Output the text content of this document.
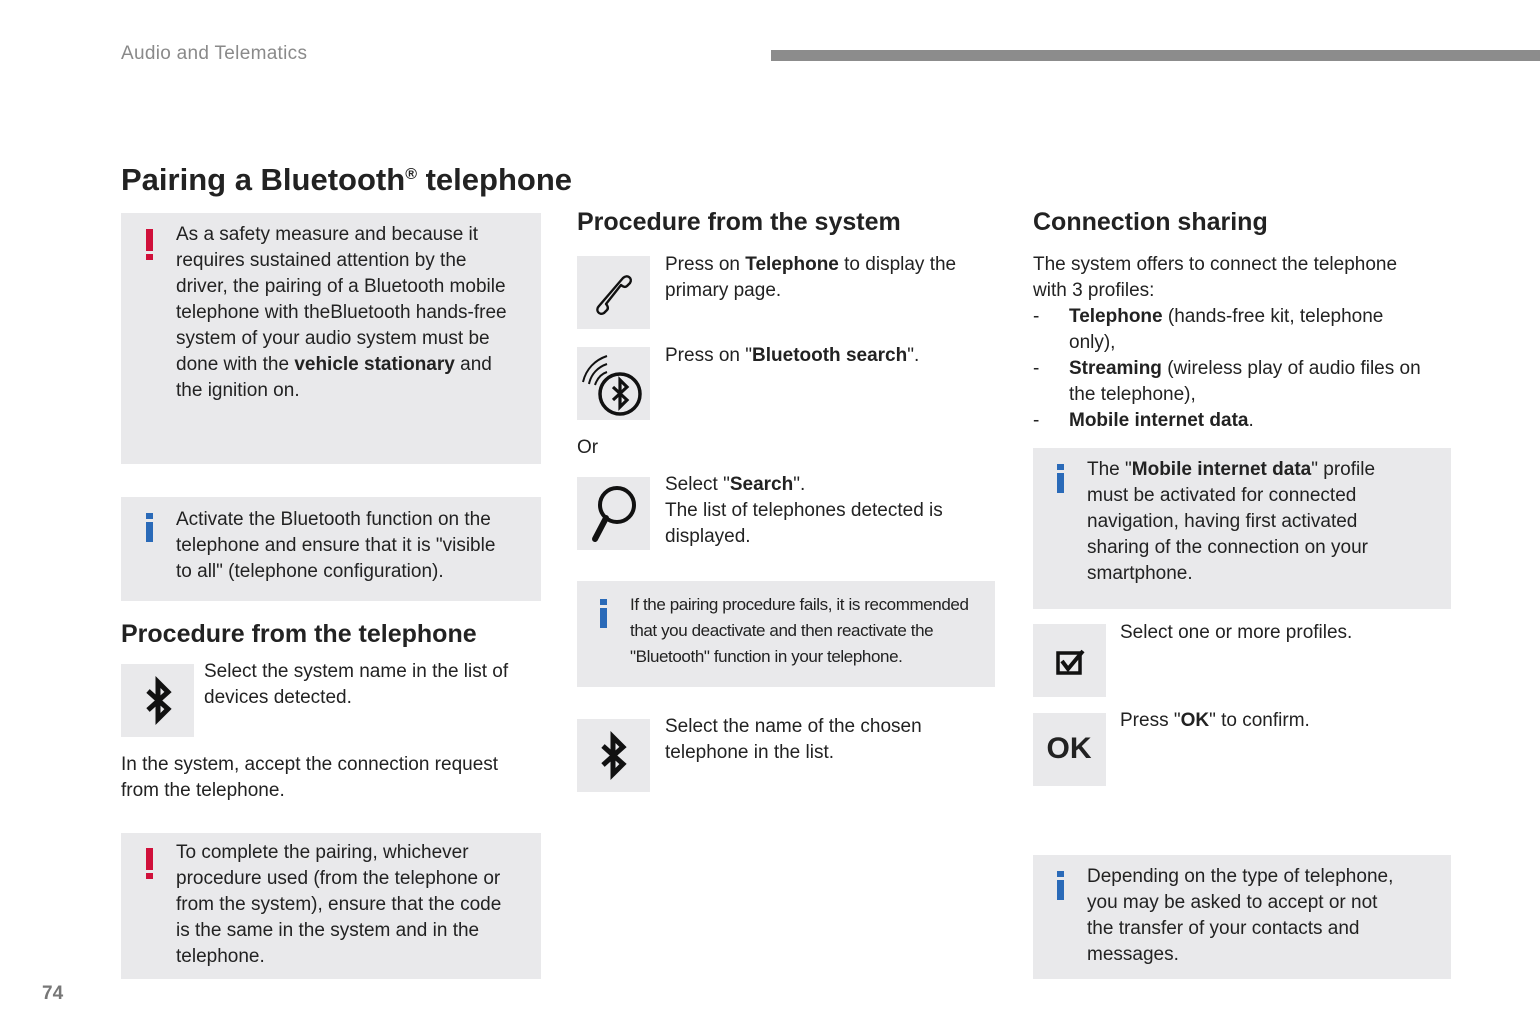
Audio and Telematics
Pairing a Bluetooth® telephone
As a safety measure and because it
requires sustained attention by the
driver, the pairing of a Bluetooth mobile
telephone with theBluetooth hands-free
system of your audio system must be
done with the vehicle stationary and
the ignition on.
Activate the Bluetooth function on the
telephone and ensure that it is "visible
to all" (telephone configuration).
Procedure from the telephone
Select the system name in the list of
devices detected.
In the system, accept the connection request
from the telephone.
To complete the pairing, whichever
procedure used (from the telephone or
from the system), ensure that the code
is the same in the system and in the
telephone.
Procedure from the system
Press on Telephone to display the
primary page.
Press on "Bluetooth search".
Or
Select "Search".
The list of telephones detected is
displayed.
If the pairing procedure fails, it is recommended
that you deactivate and then reactivate the
"Bluetooth" function in your telephone.
Select the name of the chosen
telephone in the list.
Connection sharing
The system offers to connect the telephone
with 3 profiles:
- Telephone (hands-free kit, telephone
only),
- Streaming (wireless play of audio files on
the telephone),
- Mobile internet data.
The "Mobile internet data" profile
must be activated for connected
navigation, having first activated
sharing of the connection on your
smartphone.
Select one or more profiles.
OK
Press "OK" to confirm.
Depending on the type of telephone,
you may be asked to accept or not
the transfer of your contacts and
messages.
74
